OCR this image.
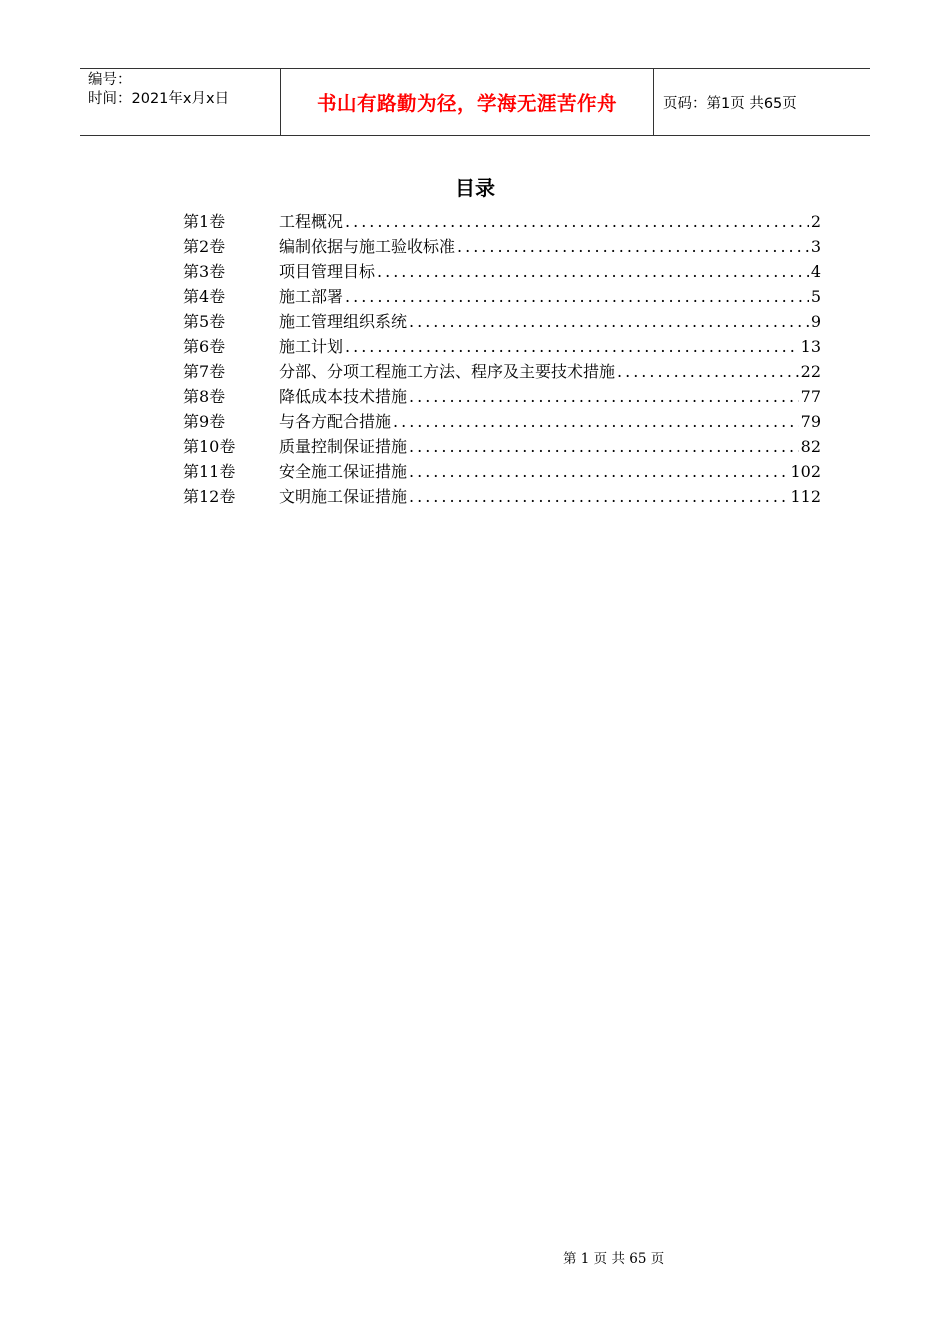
编号：
时间：2021年x月x日	书山有路勤为径，学海无涯苦作舟	页码：第1页 共65页
目录
第1卷	工程概况 .....	2
第2卷	编制依据与施工验收标准 .....	3
第3卷	项目管理目标 .....	4
第4卷	施工部署 .....	5
第5卷	施工管理组织系统 .....	9
第6卷	施工计划 .....	13
第7卷	分部、分项工程施工方法、程序及主要技术措施 .....	22
第8卷	降低成本技术措施 .....	77
第9卷	与各方配合措施 .....	79
第10卷	质量控制保证措施 .....	82
第11卷	安全施工保证措施 .....	102
第12卷	文明施工保证措施 .....	112
第 1 页 共 65 页
